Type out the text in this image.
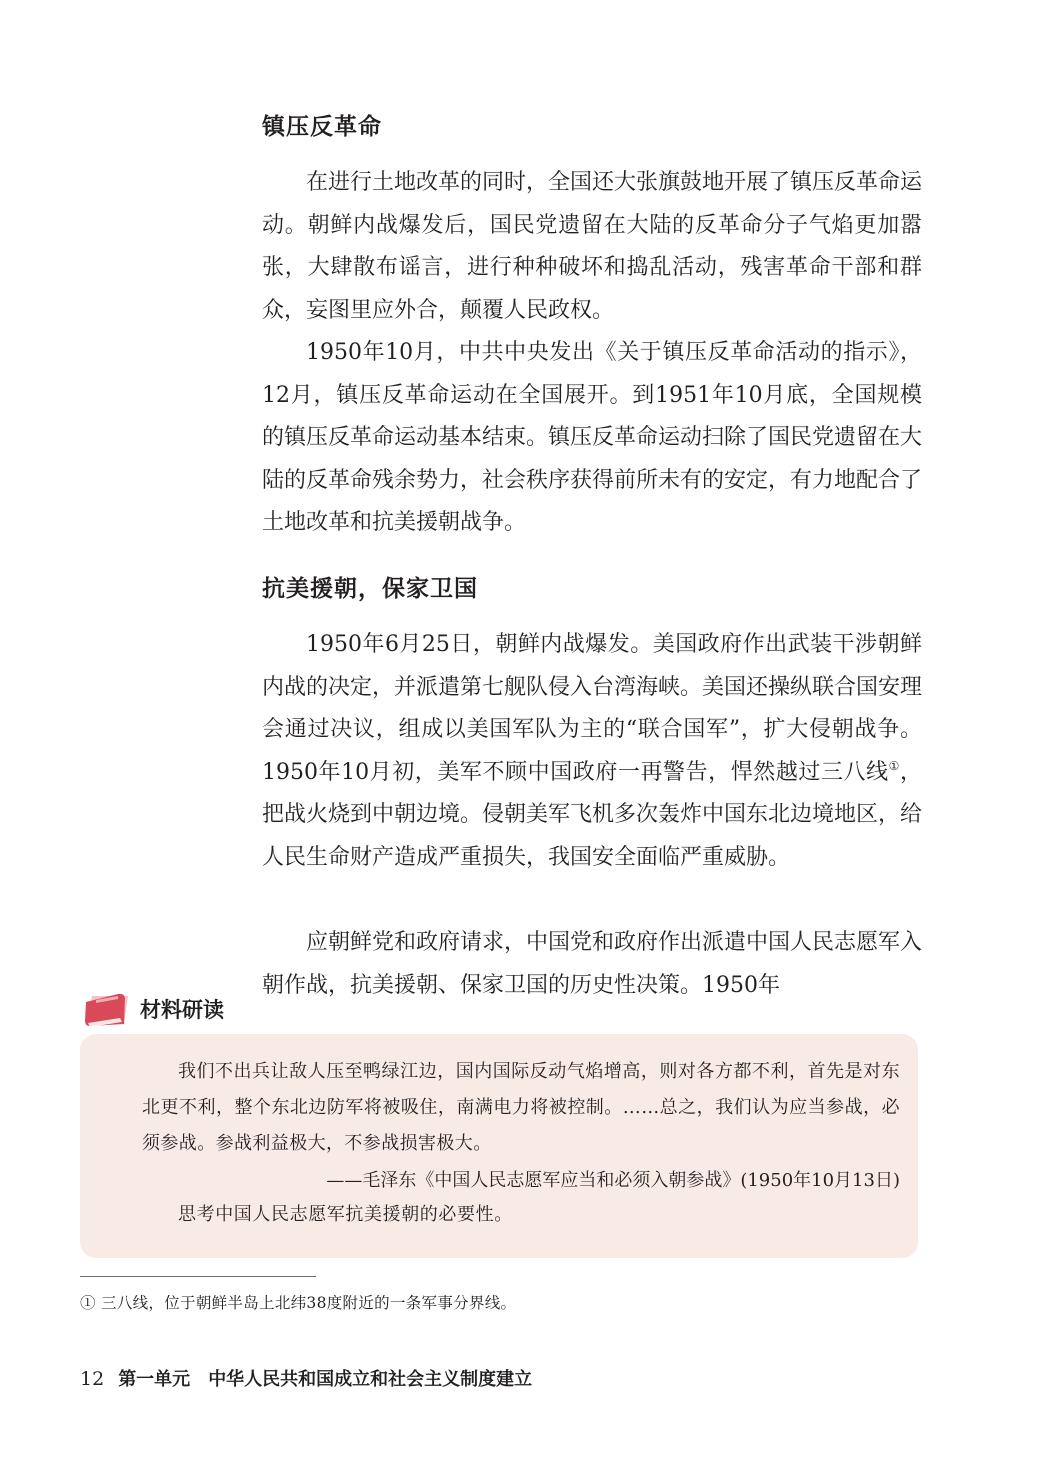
镇压反革命

在进行土地改革的同时，全国还大张旗鼓地开展了镇压反革命运动。朝鲜内战爆发后，国民党遗留在大陆的反革命分子气焰更加嚣张，大肆散布谣言，进行种种破坏和捣乱活动，残害革命干部和群众，妄图里应外合，颠覆人民政权。

1950年10月，中共中央发出《关于镇压反革命活动的指示》，12月，镇压反革命运动在全国展开。到1951年10月底，全国规模的镇压反革命运动基本结束。镇压反革命运动扫除了国民党遗留在大陆的反革命残余势力，社会秩序获得前所未有的安定，有力地配合了土地改革和抗美援朝战争。

抗美援朝，保家卫国

1950年6月25日，朝鲜内战爆发。美国政府作出武装干涉朝鲜内战的决定，并派遣第七舰队侵入台湾海峡。美国还操纵联合国安理会通过决议，组成以美国军队为主的“联合国军”，扩大侵朝战争。1950年10月初，美军不顾中国政府一再警告，悍然越过三八线①，把战火烧到中朝边境。侵朝美军飞机多次轰炸中国东北边境地区，给人民生命财产造成严重损失，我国安全面临严重威胁。

应朝鲜党和政府请求，中国党和政府作出派遣中国人民志愿军入朝作战，抗美援朝、保家卫国的历史性决策。1950年

材料研读

我们不出兵让敌人压至鸭绿江边，国内国际反动气焰增高，则对各方都不利，首先是对东北更不利，整个东北边防军将被吸住，南满电力将被控制。……总之，我们认为应当参战，必须参战。参战利益极大，不参战损害极大。

——毛泽东《中国人民志愿军应当和必须入朝参战》(1950年10月13日)

思考中国人民志愿军抗美援朝的必要性。

① 三八线，位于朝鲜半岛上北纬38度附近的一条军事分界线。
12 第一单元 中华人民共和国成立和社会主义制度建立
